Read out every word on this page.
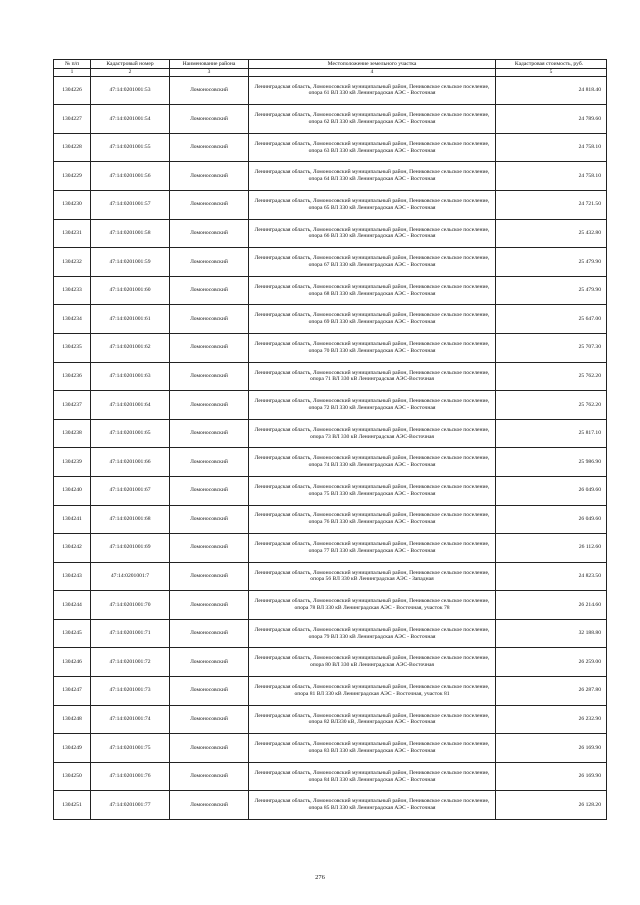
№ п/п	Кадастровый номер	Наименование района	Местоположение земельного участка	Кадастровая стоимость, руб.
1	2	3	4	5
1304226	47:14:0201001:53	Ломоносовский	Ленинградская область, Ломоносовский муниципальный район, Пениковское сельское поселение, опора 61 ВЛ 330 кВ Ленинградская АЭС - Восточная	24 818.40
1304227	47:14:0201001:54	Ломоносовский	Ленинградская область, Ломоносовский муниципальный район, Пениковское сельское поселение, опора 62 ВЛ 330 кВ Ленинградская АЭС - Восточная	24 789.60
1304228	47:14:0201001:55	Ломоносовский	Ленинградская область, Ломоносовский муниципальный район, Пениковское сельское поселение, опора 63 ВЛ 330 кВ Ленинградская АЭС - Восточная	24 758.10
1304229	47:14:0201001:56	Ломоносовский	Ленинградская область, Ломоносовский муниципальный район, Пениковское сельское поселение, опора 64 ВЛ 330 кВ Ленинградская АЭС - Восточная	24 758.10
1304230	47:14:0201001:57	Ломоносовский	Ленинградская область, Ломоносовский муниципальный район, Пениковское сельское поселение, опора 65 ВЛ 330 кВ Ленинградская АЭС - Восточная	24 721.50
1304231	47:14:0201001:58	Ломоносовский	Ленинградская область, Ломоносовский муниципальный район, Пениковское сельское поселение, опора 66 ВЛ 330 кВ Ленинградская АЭС - Восточная	25 432.80
1304232	47:14:0201001:59	Ломоносовский	Ленинградская область, Ломоносовский муниципальный район, Пениковское сельское поселение, опора 67 ВЛ 330 кВ Ленинградская АЭС - Восточная	25 479.90
1304233	47:14:0201001:60	Ломоносовский	Ленинградская область, Ломоносовский муниципальный район, Пениковское сельское поселение, опора 68 ВЛ 330 кВ Ленинградская АЭС - Восточная	25 479.90
1304234	47:14:0201001:61	Ломоносовский	Ленинградская область, Ломоносовский муниципальный район, Пениковское сельское поселение, опора 69 ВЛ 330 кВ Ленинградская АЭС - Восточная	25 647.00
1304235	47:14:0201001:62	Ломоносовский	Ленинградская область, Ломоносовский муниципальный район, Пениковское сельское поселение, опора 70 ВЛ 330 кВ Ленинградская АЭС - Восточная	25 707.30
1304236	47:14:0201001:63	Ломоносовский	Ленинградская область, Ломоносовский муниципальный район, Пениковское сельское поселение, опора 71 ВЛ 330 кВ Ленинградская АЭС-Восточная	25 762.20
1304237	47:14:0201001:64	Ломоносовский	Ленинградская область, Ломоносовский муниципальный район, Пениковское сельское поселение, опора 72 ВЛ 330 кВ Ленинградская АЭС - Восточная	25 762.20
1304238	47:14:0201001:65	Ломоносовский	Ленинградская область, Ломоносовский муниципальный район, Пениковское сельское поселение, опора 73 ВЛ 330 кВ Ленинградская АЭС-Восточная	25 817.10
1304239	47:14:0201001:66	Ломоносовский	Ленинградская область, Ломоносовский муниципальный район, Пениковское сельское поселение, опора 74 ВЛ 330 кВ Ленинградская АЭС - Восточная	25 986.90
1304240	47:14:0201001:67	Ломоносовский	Ленинградская область, Ломоносовский муниципальный район, Пениковское сельское поселение, опора 75 ВЛ 330 кВ Ленинградская АЭС - Восточная	26 049.60
1304241	47:14:0201001:68	Ломоносовский	Ленинградская область, Ломоносовский муниципальный район, Пениковское сельское поселение, опора 76 ВЛ 330 кВ Ленинградская АЭС - Восточная	26 049.60
1304242	47:14:0201001:69	Ломоносовский	Ленинградская область, Ломоносовский муниципальный район, Пениковское сельское поселение, опора 77 ВЛ 330 кВ Ленинградская АЭС - Восточная	26 112.60
1304243	47:14:0201001:7	Ломоносовский	Ленинградская область, Ломоносовский муниципальный район, Пениковское сельское поселение, опора 56 ВЛ 330 кВ Ленинградская АЭС - Западная	24 823.50
1304244	47:14:0201001:70	Ломоносовский	Ленинградская область, Ломоносовский муниципальный район, Пениковское сельское поселение, опора 78 ВЛ 330 кВ Ленинградская АЭС - Восточная, участок 78	26 214.60
1304245	47:14:0201001:71	Ломоносовский	Ленинградская область, Ломоносовский муниципальный район, Пениковское сельское поселение, опора 79 ВЛ 330 кВ Ленинградская АЭС - Восточная	32 188.80
1304246	47:14:0201001:72	Ломоносовский	Ленинградская область, Ломоносовский муниципальный район, Пениковское сельское поселение, опора 80 ВЛ 330 кВ Ленинградская АЭС-Восточная	26 259.00
1304247	47:14:0201001:73	Ломоносовский	Ленинградская область, Ломоносовский муниципальный район, Пениковское сельское поселение, опора 81 ВЛ 330 кВ Ленинградская АЭС - Восточная, участок 81	26 287.80
1304248	47:14:0201001:74	Ломоносовский	Ленинградская область, Ломоносовский муниципальный район, Пениковское сельское поселение, опора 82 ВЛ330 кВ, Ленинградская АЭС - Восточная	26 232.90
1304249	47:14:0201001:75	Ломоносовский	Ленинградская область, Ломоносовский муниципальный район, Пениковское сельское поселение, опора 83 ВЛ 330 кВ Ленинградская АЭС - Восточная	26 169.90
1304250	47:14:0201001:76	Ломоносовский	Ленинградская область, Ломоносовский муниципальный район, Пениковское сельское поселение, опора 84 ВЛ 330 кВ Ленинградская АЭС - Восточная	26 169.90
1304251	47:14:0201001:77	Ломоносовский	Ленинградская область, Ломоносовский муниципальный район, Пениковское сельское поселение, опора 85 ВЛ 330 кВ Ленинградская АЭС - Восточная	26 128.20
276
